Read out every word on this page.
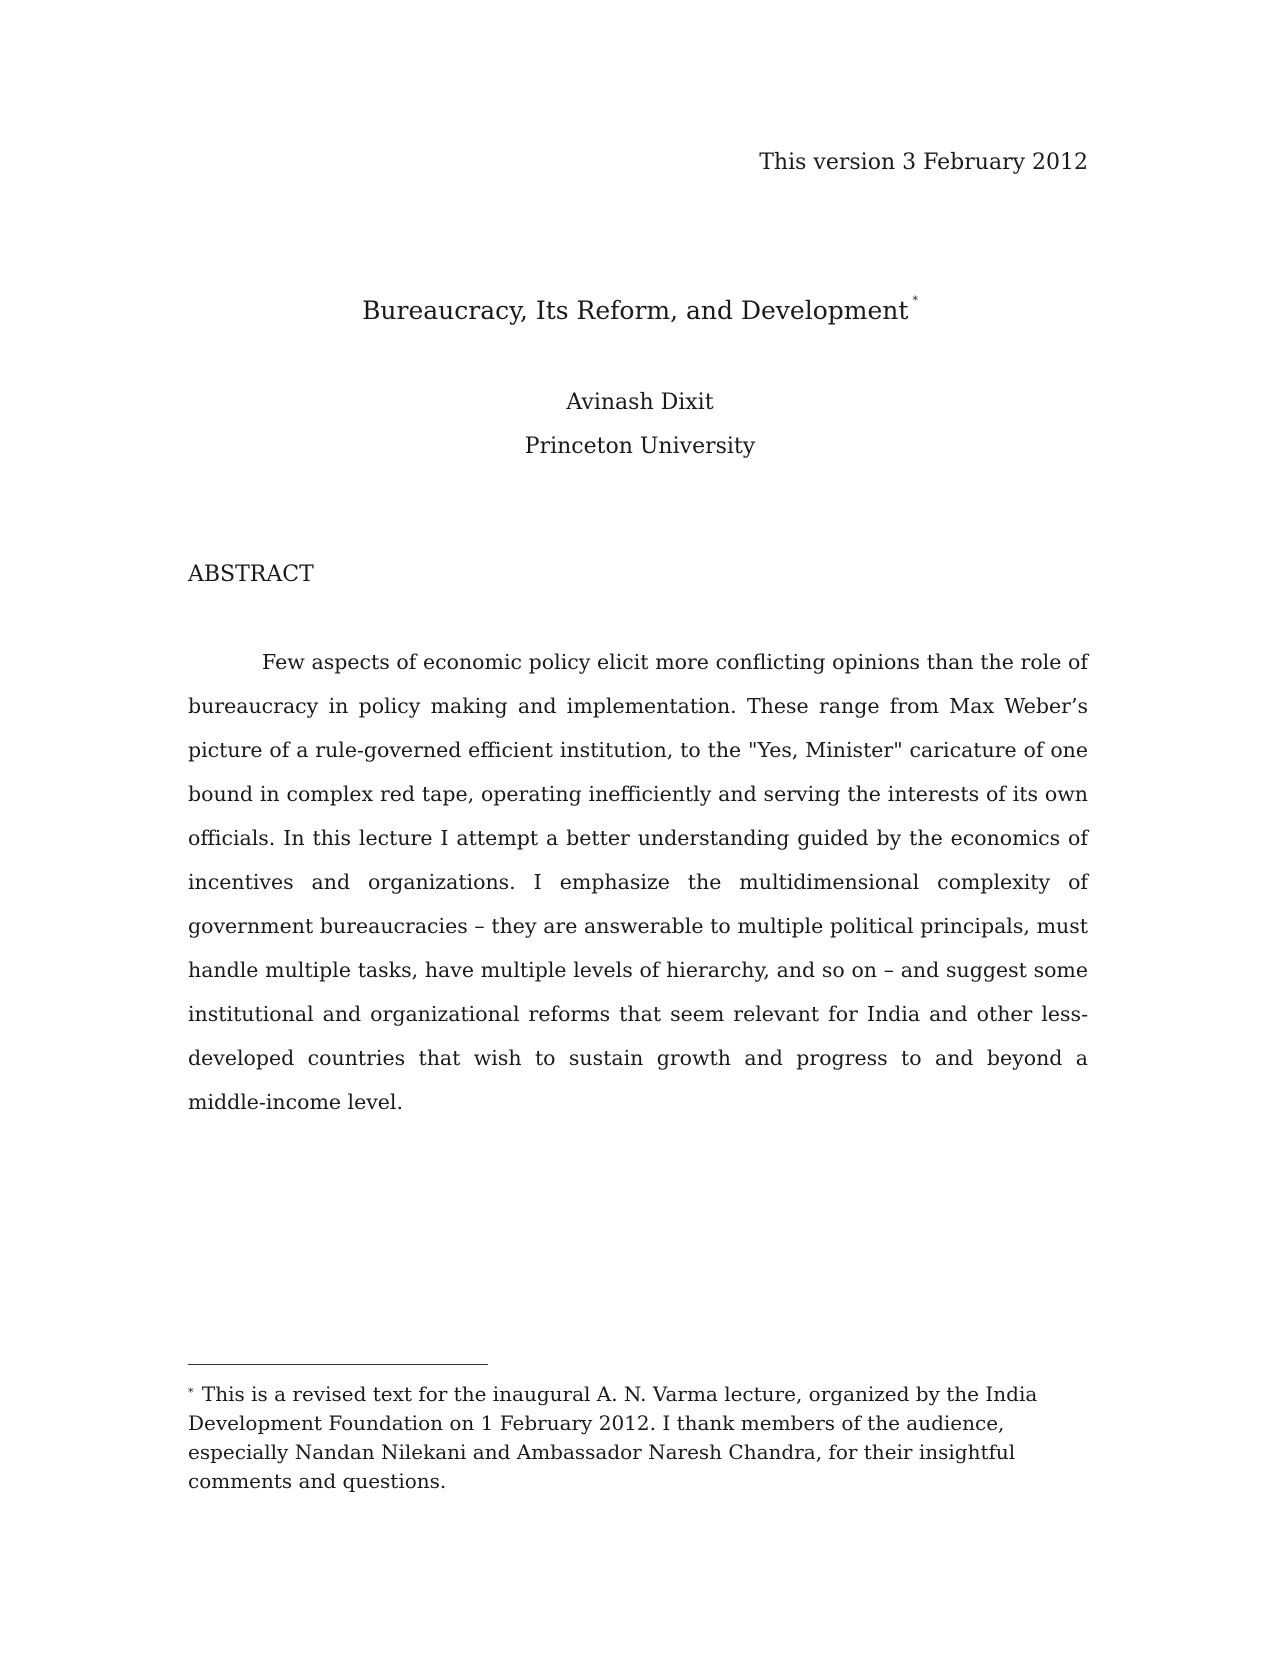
This version 3 February 2012

Bureaucracy, Its Reform, and Development *

Avinash Dixit

Princeton University

ABSTRACT

Few aspects of economic policy elicit more conflicting opinions than the role of bureaucracy in policy making and implementation. These range from Max Weber’s picture of a rule-governed efficient institution, to the "Yes, Minister" caricature of one bound in complex red tape, operating inefficiently and serving the interests of its own officials. In this lecture I attempt a better understanding guided by the economics of incentives and organizations. I emphasize the multidimensional complexity of government bureaucracies – they are answerable to multiple political principals, must handle multiple tasks, have multiple levels of hierarchy, and so on – and suggest some institutional and organizational reforms that seem relevant for India and other less-developed countries that wish to sustain growth and progress to and beyond a middle-income level.

* This is a revised text for the inaugural A. N. Varma lecture, organized by the India Development Foundation on 1 February 2012. I thank members of the audience, especially Nandan Nilekani and Ambassador Naresh Chandra, for their insightful comments and questions.
